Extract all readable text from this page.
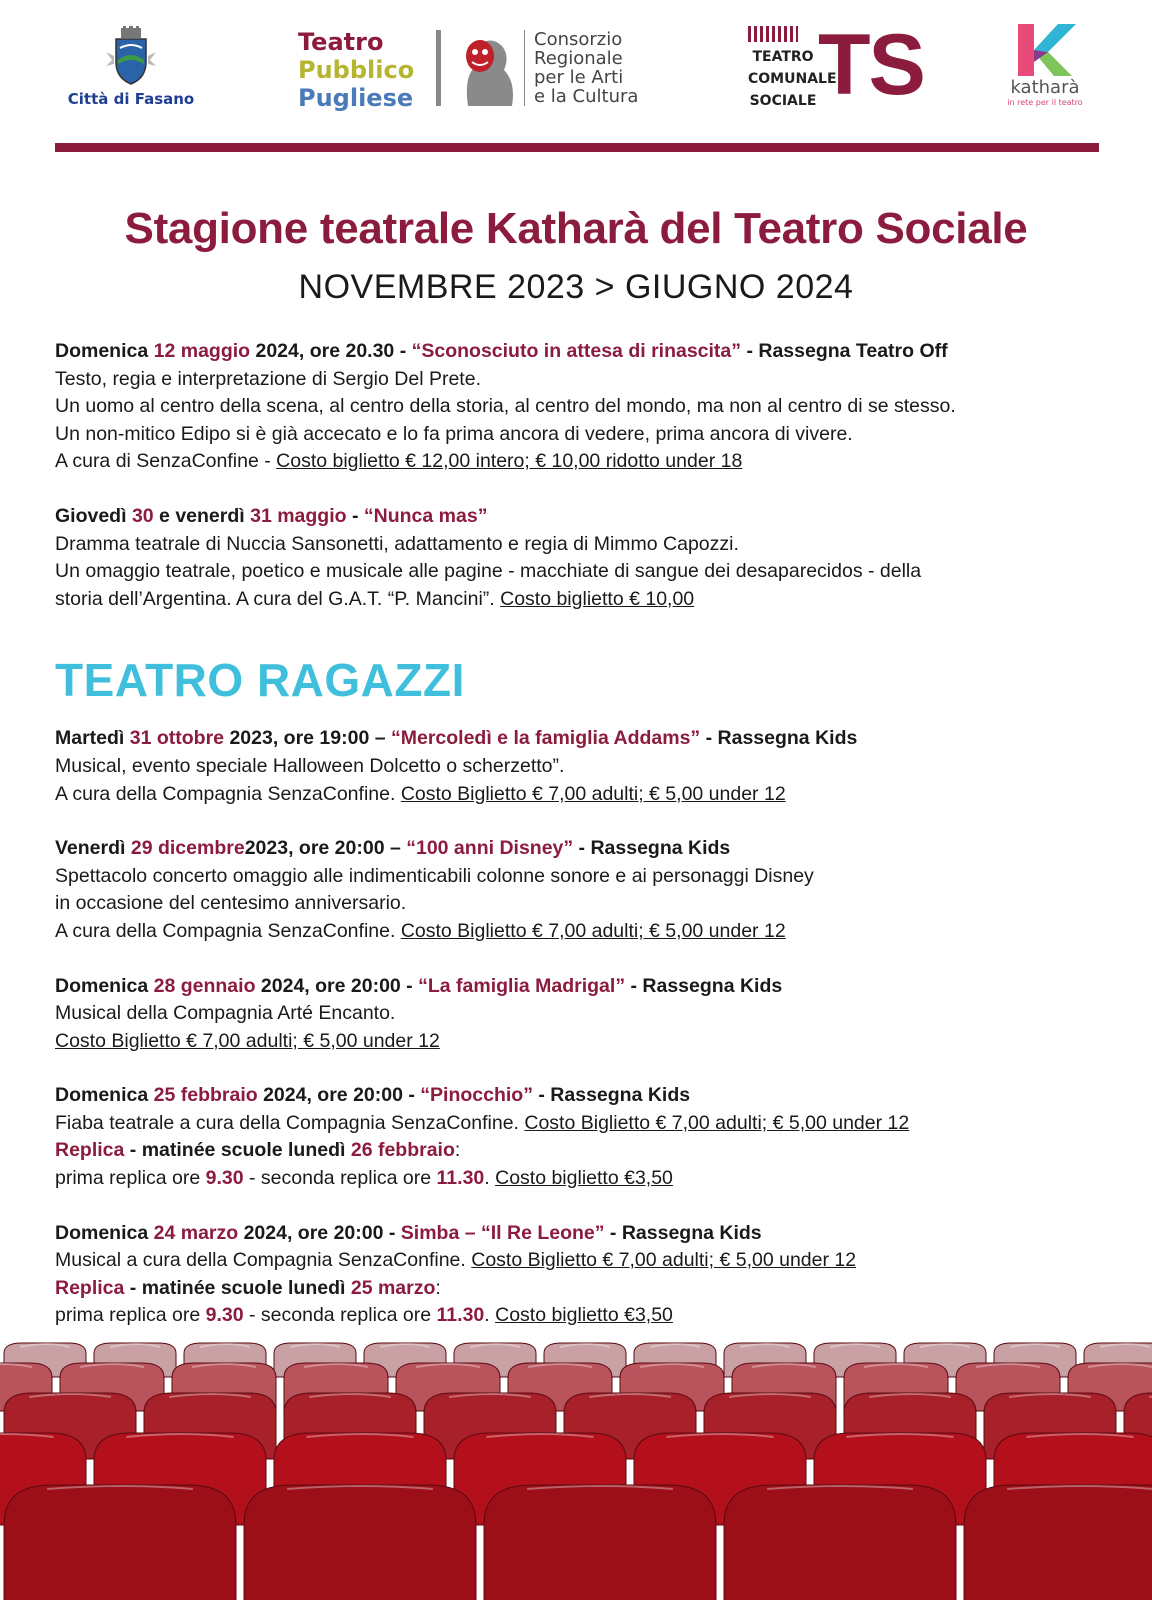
Città di Fasano
Teatro
Pubblico
Pugliese
Consorzio
Regionale
per le Arti
e la Cultura
TEATRO
COMUNALE
SOCIALE TS	katharà
in rete per il teatro
Stagione teatrale Katharà del Teatro Sociale
NOVEMBRE 2023 > GIUGNO 2024
Domenica 12 maggio 2024, ore 20.30 - “Sconosciuto in attesa di rinascita” - Rassegna Teatro Off
Testo, regia e interpretazione di Sergio Del Prete.
Un uomo al centro della scena, al centro della storia, al centro del mondo, ma non al centro di se stesso.
Un non-mitico Edipo si è già accecato e lo fa prima ancora di vedere, prima ancora di vivere.
A cura di SenzaConfine - Costo biglietto € 12,00 intero; € 10,00 ridotto under 18
Giovedì 30 e venerdì 31 maggio - “Nunca mas”
Dramma teatrale di Nuccia Sansonetti, adattamento e regia di Mimmo Capozzi.
Un omaggio teatrale, poetico e musicale alle pagine - macchiate di sangue dei desaparecidos - della
storia dell’Argentina. A cura del G.A.T. “P. Mancini”. Costo biglietto € 10,00
TEATRO RAGAZZI
Martedì 31 ottobre 2023, ore 19:00 – “Mercoledì e la famiglia Addams” - Rassegna Kids
Musical, evento speciale Halloween Dolcetto o scherzetto”.
A cura della Compagnia SenzaConfine. Costo Biglietto € 7,00 adulti; € 5,00 under 12
Venerdì 29 dicembre2023, ore 20:00 – “100 anni Disney” - Rassegna Kids
Spettacolo concerto omaggio alle indimenticabili colonne sonore e ai personaggi Disney
in occasione del centesimo anniversario.
A cura della Compagnia SenzaConfine. Costo Biglietto € 7,00 adulti; € 5,00 under 12
Domenica 28 gennaio 2024, ore 20:00 - “La famiglia Madrigal” - Rassegna Kids
Musical della Compagnia Arté Encanto.
Costo Biglietto € 7,00 adulti; € 5,00 under 12
Domenica 25 febbraio 2024, ore 20:00 - “Pinocchio” - Rassegna Kids
Fiaba teatrale a cura della Compagnia SenzaConfine. Costo Biglietto € 7,00 adulti; € 5,00 under 12
Replica - matinée scuole lunedì 26 febbraio:
prima replica ore 9.30 - seconda replica ore 11.30. Costo biglietto €3,50
Domenica 24 marzo 2024, ore 20:00 - Simba – “Il Re Leone” - Rassegna Kids
Musical a cura della Compagnia SenzaConfine. Costo Biglietto € 7,00 adulti; € 5,00 under 12
Replica - matinée scuole lunedì 25 marzo:
prima replica ore 9.30 - seconda replica ore 11.30. Costo biglietto €3,50
